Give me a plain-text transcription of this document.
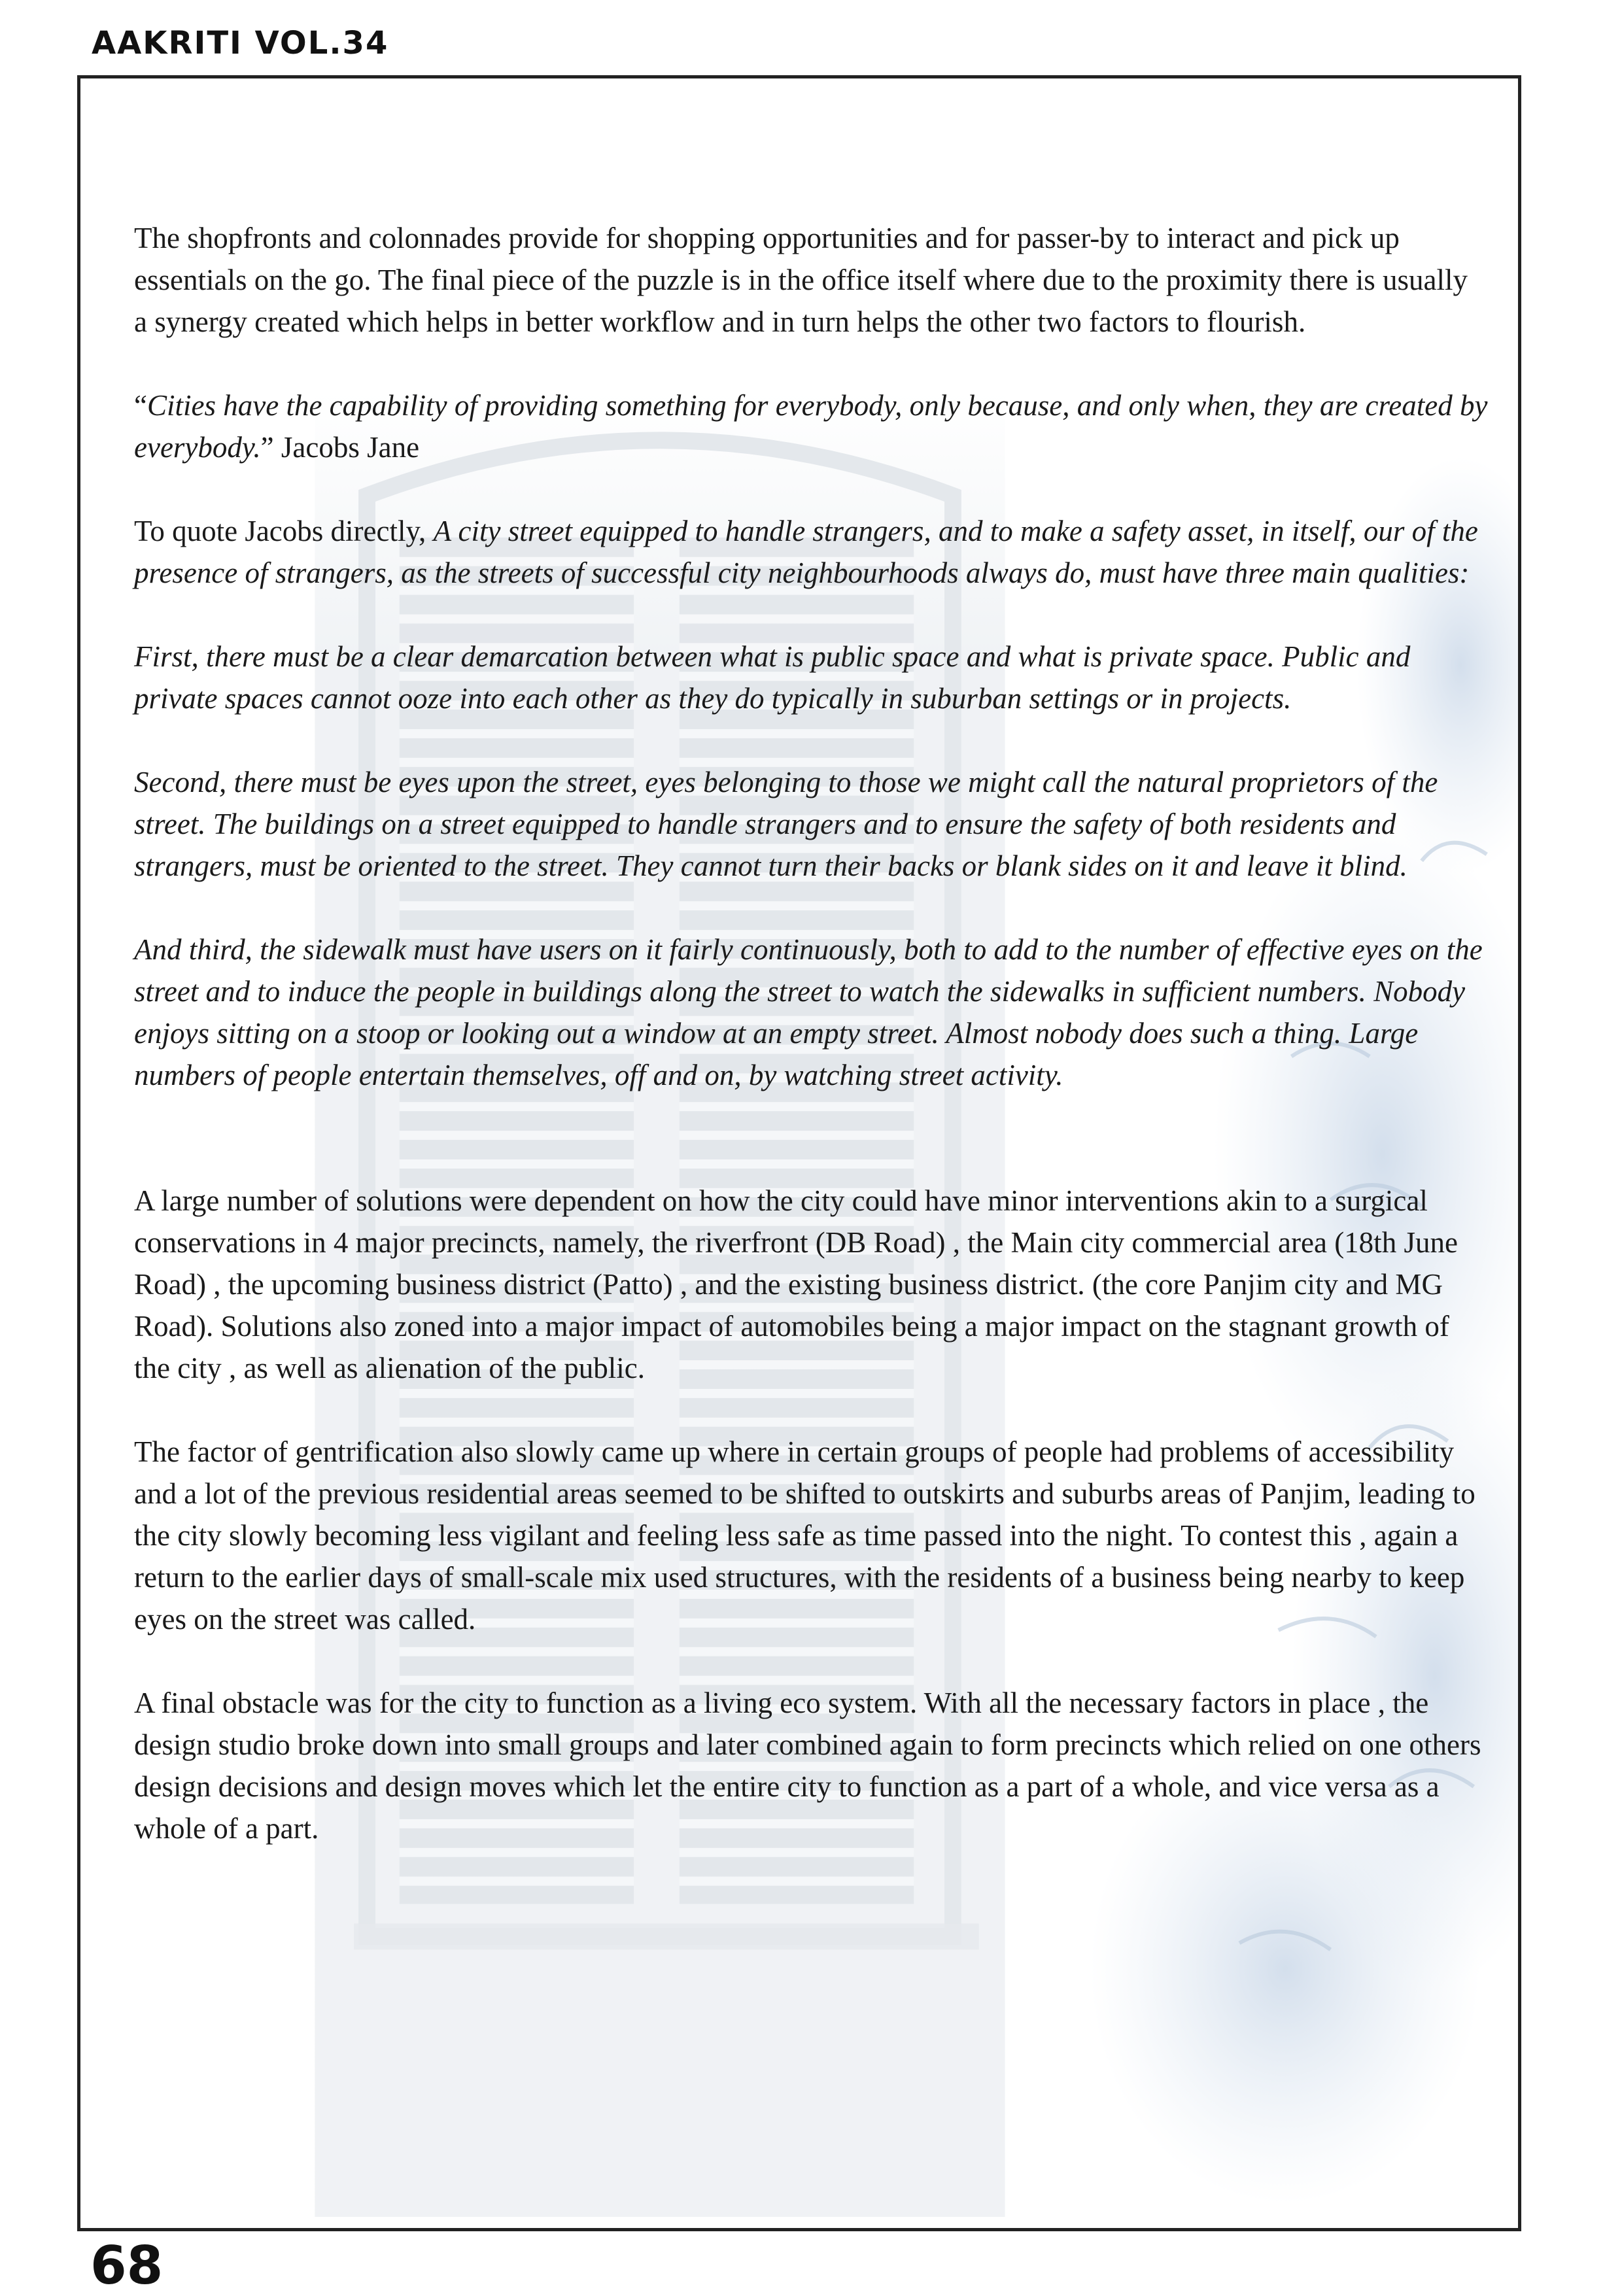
AAKRITI VOL.34

The shopfronts and colonnades provide for shopping opportunities and for passer-by to interact and pick up essentials on the go. The final piece of the puzzle is in the office itself where due to the proximity there is usually a synergy created which helps in better workflow and in turn helps the other two factors to flourish.

“Cities have the capability of providing something for everybody, only because, and only when, they are created by everybody.” Jacobs Jane

To quote Jacobs directly, A city street equipped to handle strangers, and to make a safety asset, in itself, our of the presence of strangers, as the streets of successful city neighbourhoods always do, must have three main qualities:

First, there must be a clear demarcation between what is public space and what is private space. Public and private spaces cannot ooze into each other as they do typically in suburban settings or in projects.

Second, there must be eyes upon the street, eyes belonging to those we might call the natural proprietors of the street. The buildings on a street equipped to handle strangers and to ensure the safety of both residents and strangers, must be oriented to the street. They cannot turn their backs or blank sides on it and leave it blind.

And third, the sidewalk must have users on it fairly continuously, both to add to the number of effective eyes on the street and to induce the people in buildings along the street to watch the sidewalks in sufficient numbers. Nobody enjoys sitting on a stoop or looking out a window at an empty street. Almost nobody does such a thing. Large numbers of people entertain themselves, off and on, by watching street activity.

A large number of solutions were dependent on how the city could have minor interventions akin to a surgical conservations in 4 major precincts, namely, the riverfront (DB Road) , the Main city commercial area (18th June Road) , the upcoming business district (Patto) , and the existing business district. (the core Panjim city and MG Road). Solutions also zoned into a major impact of automobiles being a major impact on the stagnant growth of the city , as well as alienation of the public.

The factor of gentrification also slowly came up where in certain groups of people had problems of accessibility and a lot of the previous residential areas seemed to be shifted to outskirts and suburbs areas of Panjim, leading to the city slowly becoming less vigilant and feeling less safe as time passed into the night. To contest this , again a return to the earlier days of small-scale mix used structures, with the residents of a business being nearby to keep eyes on the street was called.

A final obstacle was for the city to function as a living eco system. With all the necessary factors in place , the design studio broke down into small groups and later combined again to form precincts which relied on one others design decisions and design moves which let the entire city to function as a part of a whole, and vice versa as a whole of a part.

68
